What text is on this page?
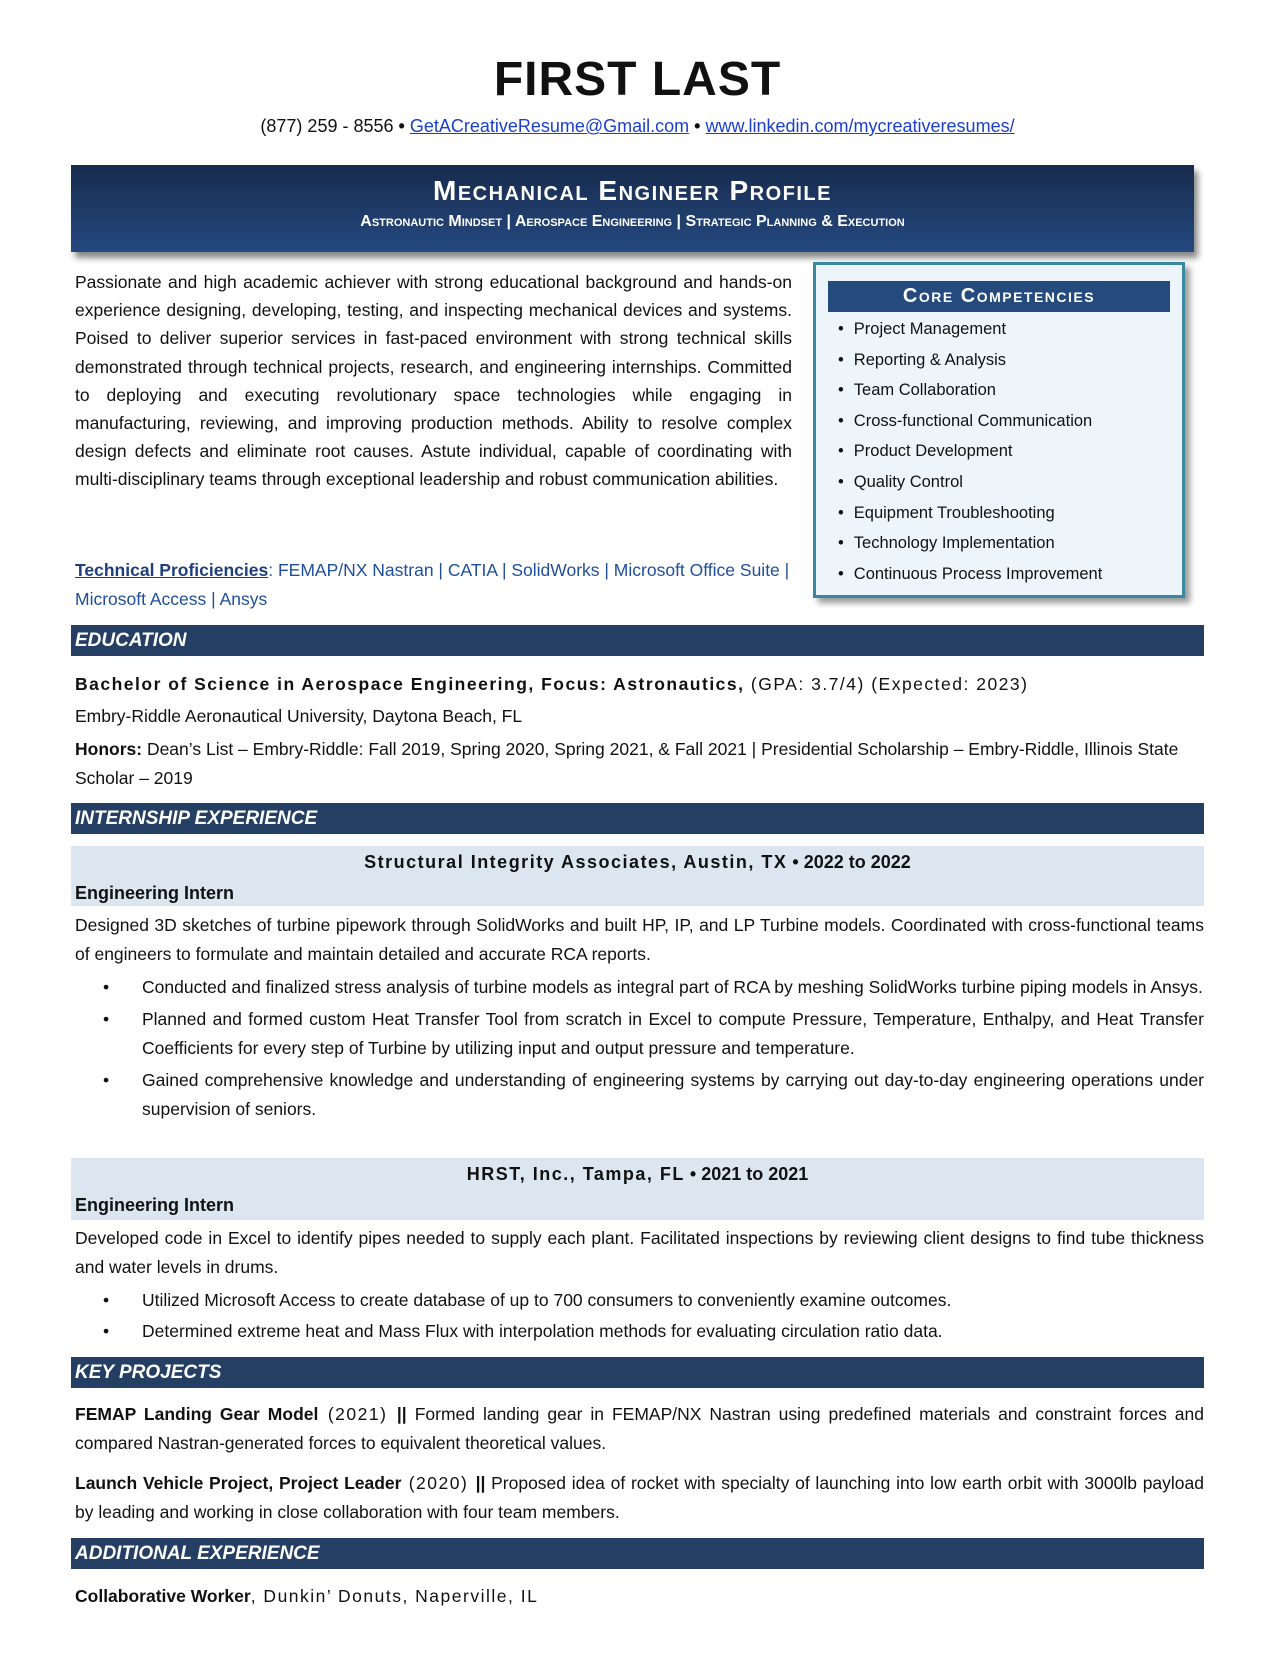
FIRST LAST
(877) 259 - 8556 • GetACreativeResume@Gmail.com • www.linkedin.com/mycreativeresumes/
Mechanical Engineer Profile
Astronautic Mindset | Aerospace Engineering | Strategic Planning & Execution
Passionate and high academic achiever with strong educational background and hands-on experience designing, developing, testing, and inspecting mechanical devices and systems. Poised to deliver superior services in fast-paced environment with strong technical skills demonstrated through technical projects, research, and engineering internships. Committed to deploying and executing revolutionary space technologies while engaging in manufacturing, reviewing, and improving production methods. Ability to resolve complex design defects and eliminate root causes. Astute individual, capable of coordinating with multi-disciplinary teams through exceptional leadership and robust communication abilities.
Technical Proficiencies: FEMAP/NX Nastran | CATIA | SolidWorks | Microsoft Office Suite | Microsoft Access | Ansys
Core Competencies
• Project Management
• Reporting & Analysis
• Team Collaboration
• Cross-functional Communication
• Product Development
• Quality Control
• Equipment Troubleshooting
• Technology Implementation
• Continuous Process Improvement
EDUCATION
Bachelor of Science in Aerospace Engineering, Focus: Astronautics, (GPA: 3.7/4) (Expected: 2023)
Embry-Riddle Aeronautical University, Daytona Beach, FL
Honors: Dean’s List – Embry-Riddle: Fall 2019, Spring 2020, Spring 2021, & Fall 2021 | Presidential Scholarship – Embry-Riddle, Illinois State Scholar – 2019
INTERNSHIP EXPERIENCE
Structural Integrity Associates, Austin, TX • 2022 to 2022
Engineering Intern
Designed 3D sketches of turbine pipework through SolidWorks and built HP, IP, and LP Turbine models. Coordinated with cross-functional teams of engineers to formulate and maintain detailed and accurate RCA reports.
• Conducted and finalized stress analysis of turbine models as integral part of RCA by meshing SolidWorks turbine piping models in Ansys.
• Planned and formed custom Heat Transfer Tool from scratch in Excel to compute Pressure, Temperature, Enthalpy, and Heat Transfer Coefficients for every step of Turbine by utilizing input and output pressure and temperature.
• Gained comprehensive knowledge and understanding of engineering systems by carrying out day-to-day engineering operations under supervision of seniors.
HRST, Inc., Tampa, FL • 2021 to 2021
Engineering Intern
Developed code in Excel to identify pipes needed to supply each plant. Facilitated inspections by reviewing client designs to find tube thickness and water levels in drums.
• Utilized Microsoft Access to create database of up to 700 consumers to conveniently examine outcomes.
• Determined extreme heat and Mass Flux with interpolation methods for evaluating circulation ratio data.
KEY PROJECTS
FEMAP Landing Gear Model (2021) || Formed landing gear in FEMAP/NX Nastran using predefined materials and constraint forces and compared Nastran-generated forces to equivalent theoretical values.
Launch Vehicle Project, Project Leader (2020) || Proposed idea of rocket with specialty of launching into low earth orbit with 3000lb payload by leading and working in close collaboration with four team members.
ADDITIONAL EXPERIENCE
Collaborative Worker, Dunkin’ Donuts, Naperville, IL
